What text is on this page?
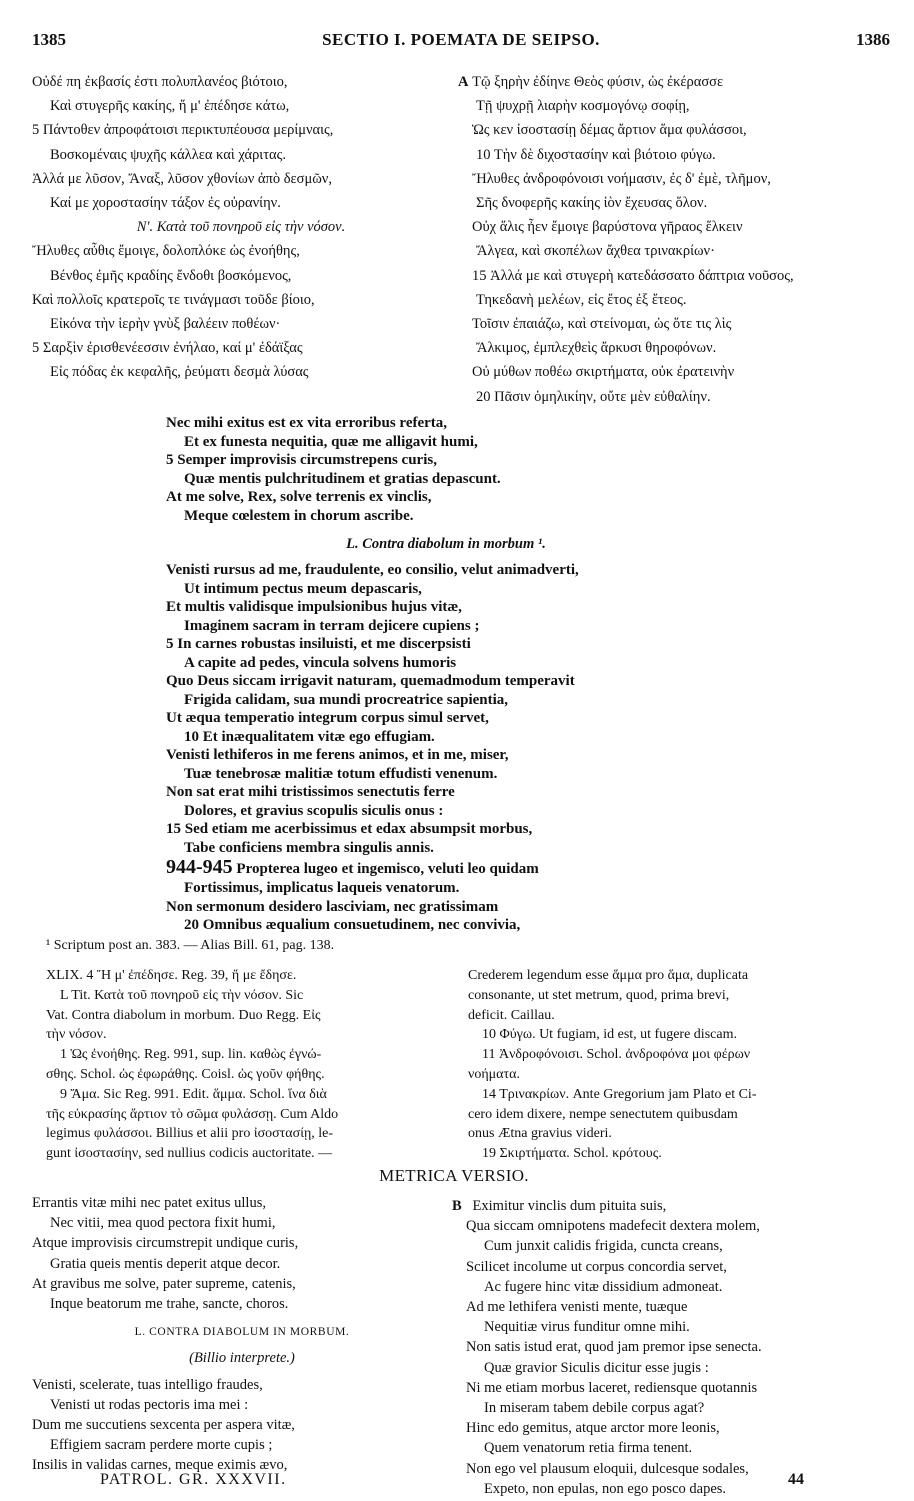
1385	SECTIO I. POEMATA DE SEIPSO.	1386
Οὐδέ πη ἐκβασίς ἐστι πολυπλανέος βιότοιο,
Καὶ στυγερῆς κακίης, ἥ μ' ἐπέδησε κάτω,
5 Πάντοθεν ἀπροφάτοισι περικτυπέουσα μερίμναις,
Βοσκομέναις ψυχῆς κάλλεα καὶ χάριτας.
Ἀλλά με λῦσον, Ἄναξ, λῦσον χθονίων ἀπὸ δεσμῶν,
Καί με χοροστασίην τάξον ἐς οὐρανίην.
Ν'. Κατὰ τοῦ πονηροῦ εἰς τὴν νόσον.
Ἤλυθες αὖθις ἔμοιγε, δολοπλόκε ὡς ἐνοήθης,
Βένθος ἐμῆς κραδίης ἔνδοθι βοσκόμενος,
Καὶ πολλοῖς κρατεροῖς τε τινάγμασι τοῦδε βίοιο,
Εἰκόνα τὴν ἱερὴν γνὺξ βαλέειν ποθέων·
5 Σαρξὶν ἐρισθενέεσσιν ἐνήλαο, καί μ' ἐδάϊξας
Εἰς πόδας ἐκ κεφαλῆς, ῥεύματι δεσμὰ λύσας
A Τῷ ξηρὴν ἐδίηνε Θεὸς φύσιν, ὡς ἐκέρασσε
Τῇ ψυχρῇ λιαρὴν κοσμογόνῳ σοφίῃ,
Ὡς κεν ἰσοστασίῃ δέμας ἄρτιον ἅμα φυλάσσοι,
10 Τὴν δὲ διχοστασίην καὶ βιότοιο φύγω.
Ἤλυθες ἀνδροφόνοισι νοήμασιν, ἐς δ' ἐμὲ, τλῆμον,
Σῆς δνοφερῆς κακίης ἰὸν ἔχευσας ὅλον.
Οὐχ ἅλις ἦεν ἔμοιγε βαρύστονα γῆραος ἕλκειν
Ἄλγεα, καὶ σκοπέλων ἄχθεα τρινακρίων·
15 Ἀλλά με καὶ στυγερὴ κατεδάσσατο δάπτρια νοῦσος,
Τηκεδανὴ μελέων, εἰς ἔτος ἐξ ἔτεος.
Τοῖσιν ἐπαιάζω, καὶ στείνομαι, ὡς ὅτε τις λὶς
Ἄλκιμος, ἐμπλεχθεὶς ἄρκυσι θηροφόνων.
Οὐ μύθων ποθέω σκιρτήματα, οὐκ ἐρατεινὴν
20 Πᾶσιν ὁμηλικίην, οὔτε μὲν εὐθαλίην.
Nec mihi exitus est ex vita erroribus referta,
Et ex funesta nequitia, quæ me alligavit humi,
5 Semper improvisis circumstrepens curis,
Quæ mentis pulchritudinem et gratias depascunt.
At me solve, Rex, solve terrenis ex vinclis,
Meque cœlestem in chorum ascribe.
L. Contra diabolum in morbum ¹.
Venisti rursus ad me, fraudulente, eo consilio, velut animadverti,
Ut intimum pectus meum depascaris,
Et multis validisque impulsionibus hujus vitæ,
Imaginem sacram in terram dejicere cupiens ;
5 In carnes robustas insiluisti, et me discerpsisti
A capite ad pedes, vincula solvens humoris
Quo Deus siccam irrigavit naturam, quemadmodum temperavit
Frigida calidam, sua mundi procreatrice sapientia,
Ut æqua temperatio integrum corpus simul servet,
10 Et inæqualitatem vitæ ego effugiam.
Venisti lethiferos in me ferens animos, et in me, miser,
Tuæ tenebrosæ malitiæ totum effudisti venenum.
Non sat erat mihi tristissimos senectutis ferre
Dolores, et gravius scopulis siculis onus :
15 Sed etiam me acerbissimus et edax absumpsit morbus,
Tabe conficiens membra singulis annis.
944-945 Propterea lugeo et ingemisco, veluti leo quidam
Fortissimus, implicatus laqueis venatorum.
Non sermonum desidero lasciviam, nec gratissimam
20 Omnibus æqualium consuetudinem, nec convivia,
¹ Scriptum post an. 383. — Alias Bill. 61, pag. 138.
XLIX. 4 Ἤ μ' ἐπέδησε. Reg. 39, ἥ με ἔδησε.
L Tit. Κατὰ τοῦ πονηροῦ εἰς τὴν νόσον. Sic
Vat. Contra diabolum in morbum. Duo Regg. Εἰς
τὴν νόσον.
1 Ὡς ἐνοήθης. Reg. 991, sup. lin. καθὼς ἐγνώ-
σθης. Schol. ὡς ἐφωράθης. Coisl. ὡς γοῦν φήθης.
9 Ἄμα. Sic Reg. 991. Edit. ἅμμα. Schol. ἵνα διὰ
τῆς εὐκρασίης ἄρτιον τὸ σῶμα φυλάσσῃ. Cum Aldo
legimus φυλάσσοι. Billius et alii pro ἰσοστασίῃ, le-
gunt ἰσοστασίην, sed nullius codicis auctoritate. —
Crederem legendum esse ἅμμα pro ἅμα, duplicata
consonante, ut stet metrum, quod, prima brevi,
deficit. Caillau.
10 Φύγω. Ut fugiam, id est, ut fugere discam.
11 Ἀνδροφόνοισι. Schol. ἀνδροφόνα μοι φέρων
νοήματα.
14 Τρινακρίων. Ante Gregorium jam Plato et Ci-
cero idem dixere, nempe senectutem quibusdam
onus Ætna gravius videri.
19 Σκιρτήματα. Schol. κρότους.
METRICA VERSIO.
Errantis vitæ mihi nec patet exitus ullus,
Nec vitii, mea quod pectora fixit humi,
Atque improvisis circumstrepit undique curis,
Gratia queis mentis deperit atque decor.
At gravibus me solve, pater supreme, catenis,
Inque beatorum me trahe, sancte, choros.
L. CONTRA DIABOLUM IN MORBUM.
(Billio interprete.)
Venisti, scelerate, tuas intelligo fraudes,
Venisti ut rodas pectoris ima mei :
Dum me succutiens sexcenta per aspera vitæ,
Effigiem sacram perdere morte cupis ;
Insilis in validas carnes, meque eximis ævo,
B Eximitur vinclis dum pituita suis,
Qua siccam omnipotens madefecit dextera molem,
Cum junxit calidis frigida, cuncta creans,
Scilicet incolume ut corpus concordia servet,
Ac fugere hinc vitæ dissidium admoneat.
Ad me lethifera venisti mente, tuæque
Nequitiæ virus funditur omne mihi.
Non satis istud erat, quod jam premor ipse senecta.
Quæ gravior Siculis dicitur esse jugis :
Ni me etiam morbus laceret, rediensque quotannis
In miseram tabem debile corpus agat?
Hinc edo gemitus, atque arctor more leonis,
Quem venatorum retia firma tenent.
Non ego vel plausum eloquii, dulcesque sodales,
Expeto, non epulas, non ego posco dapes.
PATROL. GR. XXXVII.	44
